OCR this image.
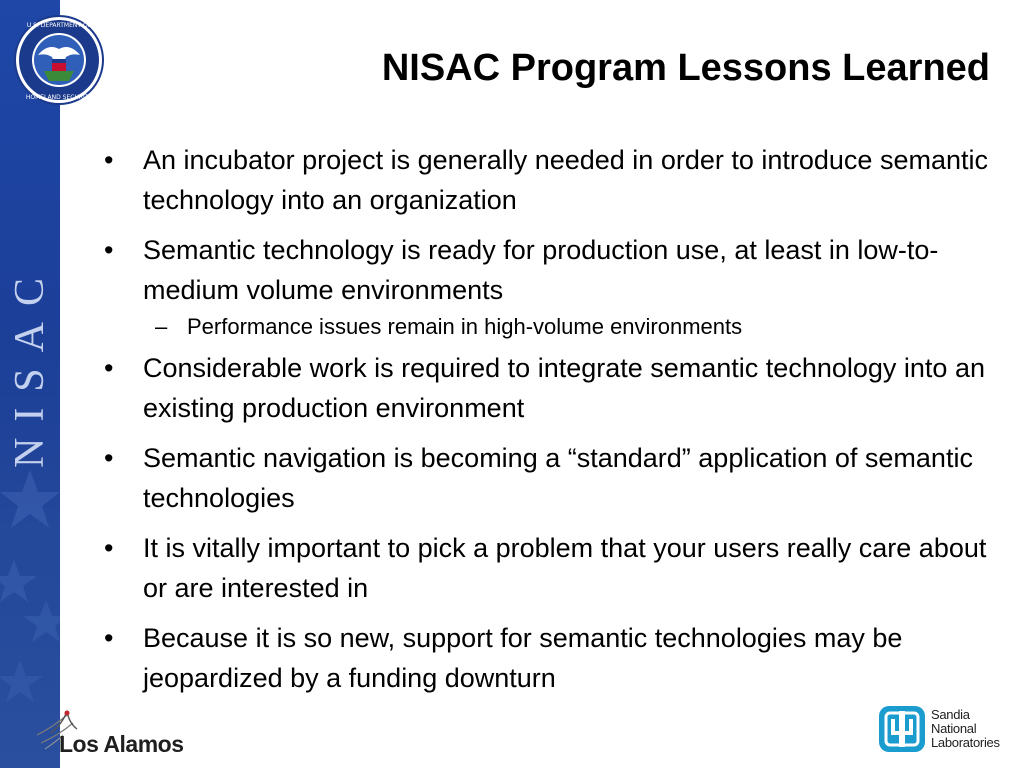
NISAC
U.S. DEPARTMENT OF
HOMELAND SECURITY
NISAC Program Lessons Learned
• An incubator project is generally needed in order to introduce semantic technology into an organization
• Semantic technology is ready for production use, at least in low-to-medium volume environments
– Performance issues remain in high-volume environments
• Considerable work is required to integrate semantic technology into an existing production environment
• Semantic navigation is becoming a “standard” application of semantic technologies
• It is vitally important to pick a problem that your users really care about or are interested in
• Because it is so new, support for semantic technologies may be jeopardized by a funding downturn
Los Alamos
Sandia
National
Laboratories
